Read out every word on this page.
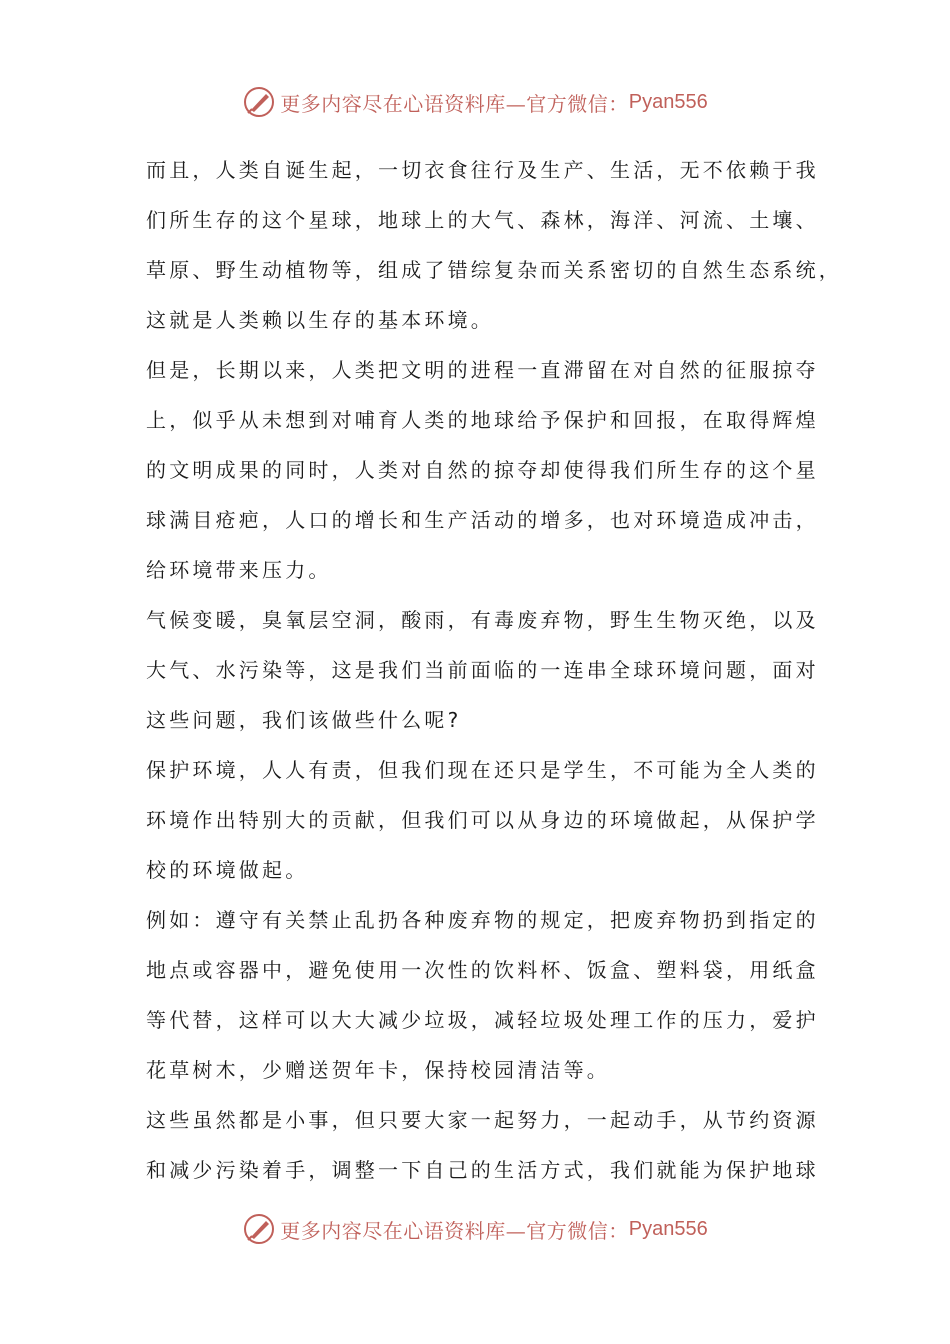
更多内容尽在心语资料库—官方微信： Pyan556

而且，人类自诞生起，一切衣食往行及生产、生活，无不依赖于我
们所生存的这个星球，地球上的大气、森林，海洋、河流、土壤、
草原、野生动植物等，组成了错综复杂而关系密切的自然生态系统，
这就是人类赖以生存的基本环境。

但是，长期以来，人类把文明的进程一直滞留在对自然的征服掠夺
上，似乎从未想到对哺育人类的地球给予保护和回报，在取得辉煌
的文明成果的同时，人类对自然的掠夺却使得我们所生存的这个星
球满目疮疤，人口的增长和生产活动的增多，也对环境造成冲击，
给环境带来压力。

气候变暖，臭氧层空洞，酸雨，有毒废弃物，野生生物灭绝，以及
大气、水污染等，这是我们当前面临的一连串全球环境问题，面对
这些问题，我们该做些什么呢?

保护环境，人人有责，但我们现在还只是学生，不可能为全人类的
环境作出特别大的贡献，但我们可以从身边的环境做起，从保护学
校的环境做起。

例如：遵守有关禁止乱扔各种废弃物的规定，把废弃物扔到指定的
地点或容器中，避免使用一次性的饮料杯、饭盒、塑料袋，用纸盒
等代替，这样可以大大减少垃圾，减轻垃圾处理工作的压力，爱护
花草树木，少赠送贺年卡，保持校园清洁等。

这些虽然都是小事，但只要大家一起努力，一起动手，从节约资源
和减少污染着手，调整一下自己的生活方式，我们就能为保护地球

更多内容尽在心语资料库—官方微信： Pyan556
